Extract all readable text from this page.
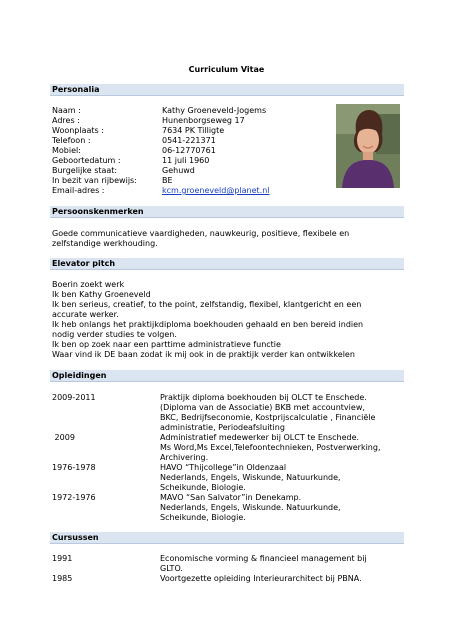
Curriculum Vitae
Personalia
Naam :	Kathy Groeneveld-Jogems
Adres :	Hunenborgseweg 17
Woonplaats :	7634 PK Tilligte
Telefoon :	0541-221371
Mobiel:	06-12770761
Geboortedatum :	11 juli 1960
Burgelijke staat:	Gehuwd
In bezit van rijbewijs:	BE
Email-adres :	kcm.groeneveld@planet.nl
Persoonskenmerken
Goede communicatieve vaardigheden, nauwkeurig, positieve, flexibele en
zelfstandige werkhouding.
Elevator pitch
Boerin zoekt werk
Ik ben Kathy Groeneveld
Ik ben serieus, creatief, to the point, zelfstandig, flexibel, klantgericht en een
accurate werker.
Ik heb onlangs het praktijkdiploma boekhouden gehaald en ben bereid indien
nodig verder studies te volgen.
Ik ben op zoek naar een parttime administratieve functie
Waar vind ik DE baan zodat ik mij ook in de praktijk verder kan ontwikkelen
Opleidingen
2009-2011	Praktijk diploma boekhouden bij OLCT te Enschede.
(Diploma van de Associatie) BKB met accountview,
BKC, Bedrijfseconomie, Kostprijscalculatie , Financiële
administratie, Periodeafsluiting
2009	Administratief medewerker bij OLCT te Enschede.
Ms Word,Ms Excel,Telefoontechnieken, Postverwerking,
Archivering.
1976-1978	HAVO “Thijcollege”in Oldenzaal
Nederlands, Engels, Wiskunde, Natuurkunde,
Scheikunde, Biologie.
1972-1976	MAVO “San Salvator”in Denekamp.
Nederlands, Engels, Wiskunde. Natuurkunde,
Scheikunde, Biologie.
Cursussen
1991	Economische vorming & financieel management bij
GLTO.
1985	Voortgezette opleiding Interieurarchitect bij PBNA.
